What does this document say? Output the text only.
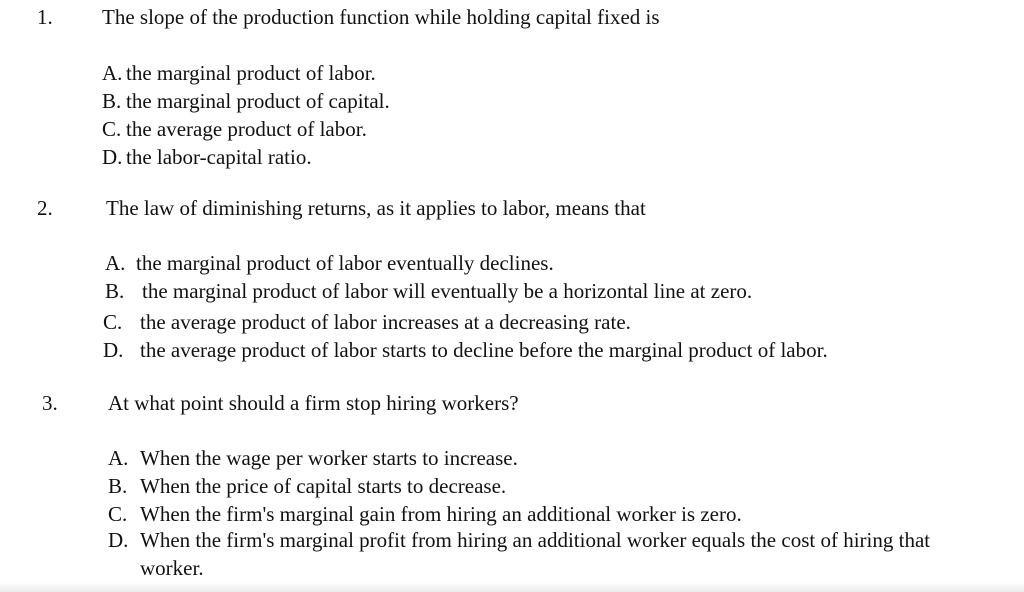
1. The slope of the production function while holding capital fixed is
A. the marginal product of labor.
B. the marginal product of capital.
C. the average product of labor.
D. the labor-capital ratio.
2.	The law of diminishing returns, as it applies to labor, means that
A. the marginal product of labor eventually declines.
B. the marginal product of labor will eventually be a horizontal line at zero.
C. the average product of labor increases at a decreasing rate.
D. the average product of labor starts to decline before the marginal product of labor.
3. At what point should a firm stop hiring workers?
A. When the wage per worker starts to increase.
B. When the price of capital starts to decrease.
C. When the firm's marginal gain from hiring an additional worker is zero.
D. When the firm's marginal profit from hiring an additional worker equals the cost of hiring that worker.
